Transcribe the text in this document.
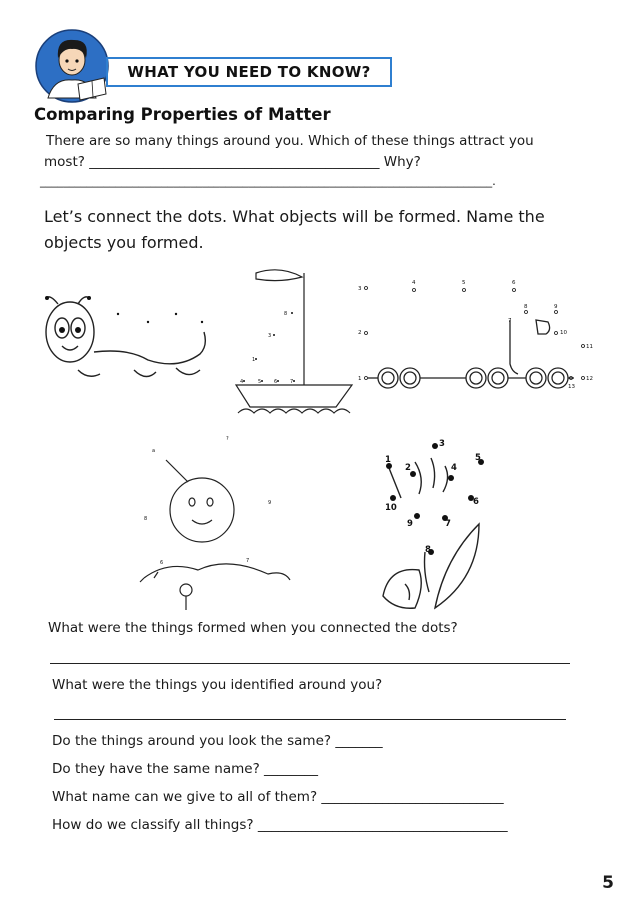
WHAT YOU NEED TO KNOW?
Comparing Properties of Matter
There are so many things around you. Which of these things attract you
most? ___________________________________________ Why?
______________________________________________________________________________.
Let’s connect the dots. What objects will be formed. Name the
objects you formed.
8
3
4	5	6	7
1
1
2
3
4	5	6
7
8	9
10
11
12
13
a
?
9
8
6	7
1
2
3
4
5
6
7
8
9
10
What were the things formed when you connected the dots?
What were the things you identified around you?
Do the things around you look the same? _______
Do they have the same name? ________
What name can we give to all of them? ___________________________
How do we classify all things? _____________________________________
5
